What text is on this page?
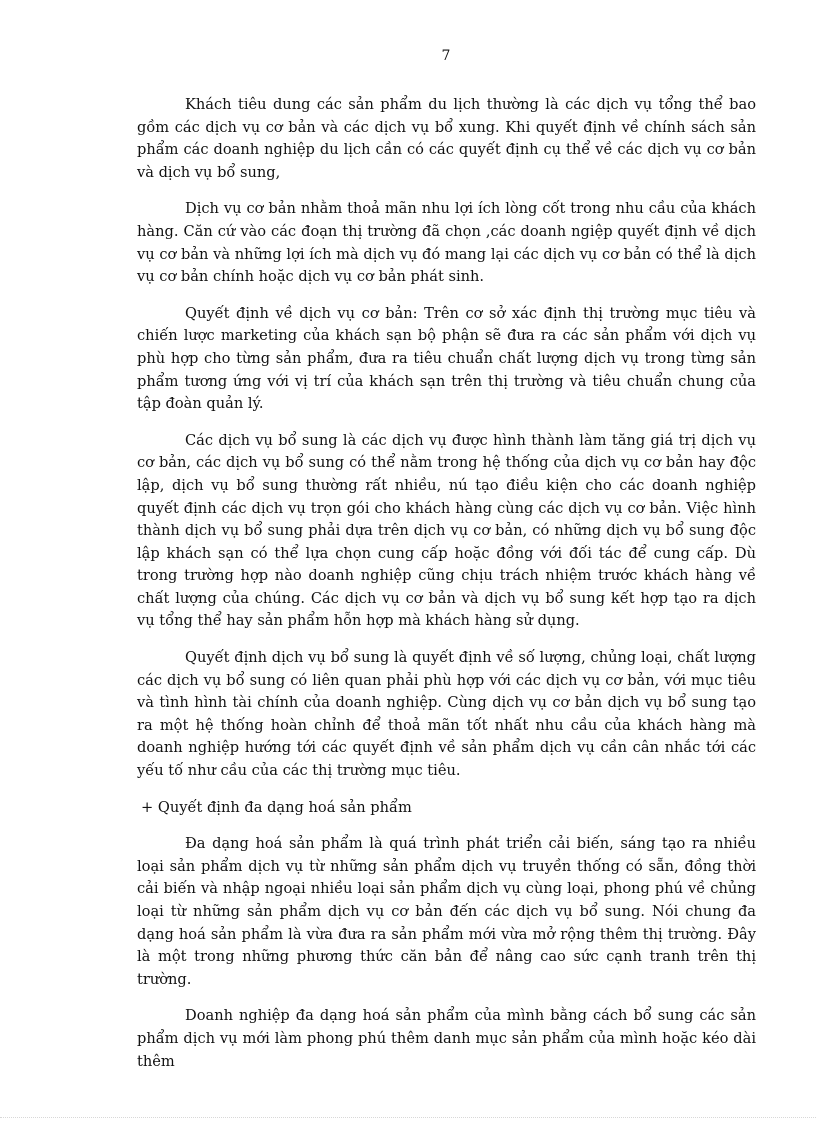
7

Khách tiêu dung các sản phẩm du lịch thường là các dịch vụ tổng thể bao gồm các dịch vụ cơ bản và các dịch vụ bổ xung. Khi quyết định về chính sách sản phẩm các doanh nghiệp du lịch cần có các quyết định cụ thể về các dịch vụ cơ bản và dịch vụ bổ sung,

Dịch vụ cơ bản nhằm thoả mãn nhu lợi ích lòng cốt trong nhu cầu của khách hàng. Căn cứ vào các đoạn thị trường đã chọn ,các doanh ngiệp quyết định về dịch vụ cơ bản và những lợi ích mà dịch vụ đó mang lại các dịch vụ cơ bản có thể là dịch vụ cơ bản chính hoặc dịch vụ cơ bản phát sinh.

Quyết định về dịch vụ cơ bản: Trên cơ sở xác định thị trường mục tiêu và chiến lược marketing của khách sạn bộ phận sẽ đưa ra các sản phẩm với dịch vụ phù hợp cho từng sản phẩm, đưa ra tiêu chuẩn chất lượng dịch vụ trong từng sản phẩm tương ứng với vị trí của khách sạn trên thị trường và tiêu chuẩn chung của tập đoàn quản lý.

Các dịch vụ bổ sung là các dịch vụ được hình thành làm tăng giá trị dịch vụ cơ bản, các dịch vụ bổ sung có thể nằm trong hệ thống của dịch vụ cơ bản hay độc lập, dịch vụ bổ sung thường rất nhiều, nú tạo điều kiện cho các doanh nghiệp quyết định các dịch vụ trọn gói cho khách hàng cùng các dịch vụ cơ bản. Việc hình thành dịch vụ bổ sung phải dựa trên dịch vụ cơ bản, có những dịch vụ bổ sung độc lập khách sạn có thể lựa chọn cung cấp hoặc đồng với đối tác để cung cấp. Dù trong trường hợp nào doanh nghiệp cũng chịu trách nhiệm trước khách hàng về chất lượng của chúng. Các dịch vụ cơ bản và dịch vụ bổ sung kết hợp tạo ra dịch vụ tổng thể hay sản phẩm hỗn hợp mà khách hàng sử dụng.

Quyết định dịch vụ bổ sung là quyết định về số lượng, chủng loại, chất lượng các dịch vụ bổ sung có liên quan phải phù hợp với các dịch vụ cơ bản, với mục tiêu và tình hình tài chính của doanh nghiệp. Cùng dịch vụ cơ bản dịch vụ bổ sung tạo ra một hệ thống hoàn chỉnh để thoả mãn tốt nhất nhu cầu của khách hàng mà doanh nghiệp hướng tới các quyết định về sản phẩm dịch vụ cần cân nhắc tới các yếu tố như cầu của các thị trường mục tiêu.

+ Quyết định đa dạng hoá sản phẩm

Đa dạng hoá sản phẩm là quá trình phát triển cải biến, sáng tạo ra nhiều loại sản phẩm dịch vụ từ những sản phẩm dịch vụ truyền thống có sẵn, đồng thời cải biến và nhập ngoại nhiều loại sản phẩm dịch vụ cùng loại, phong phú về chủng loại từ những sản phẩm dịch vụ cơ bản đến các dịch vụ bổ sung. Nói chung đa dạng hoá sản phẩm là vừa đưa ra sản phẩm mới vừa mở rộng thêm thị trường. Đây là một trong những phương thức căn bản để nâng cao sức cạnh tranh trên thị trường.

Doanh nghiệp đa dạng hoá sản phẩm của mình bằng cách bổ sung các sản phẩm dịch vụ mới làm phong phú thêm danh mục sản phẩm của mình hoặc kéo dài thêm
